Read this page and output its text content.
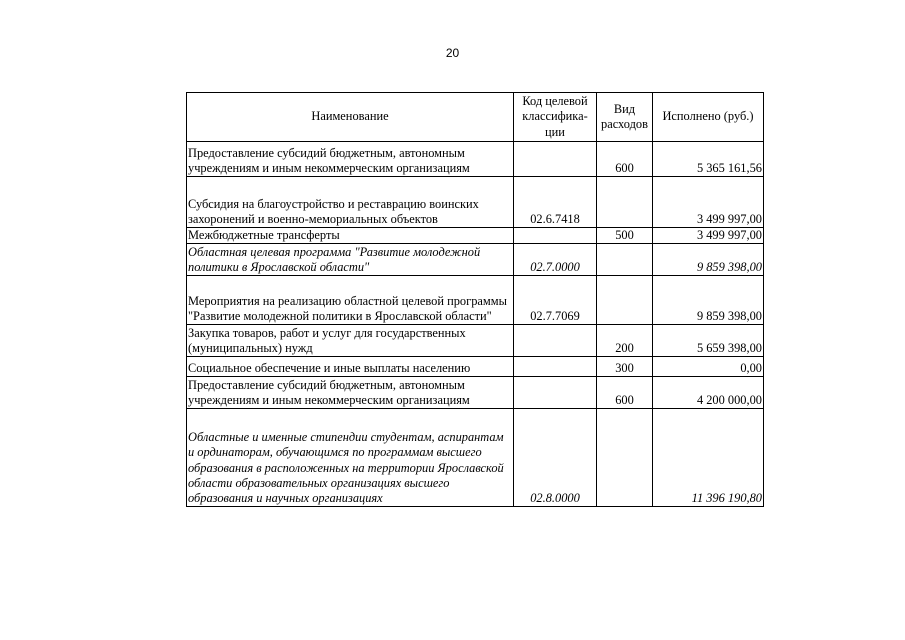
20
Наименование	Код целевой классифика-ции	Вид расходов	Исполнено (руб.)
Предоставление субсидий бюджетным, автономным учреждениям и иным некоммерческим организациям		600	5 365 161,56
Субсидия на благоустройство и реставрацию воинских захоронений и военно-мемориальных объектов	02.6.7418		3 499 997,00
Межбюджетные трансферты		500	3 499 997,00
Областная целевая программа "Развитие молодежной политики в Ярославской области"	02.7.0000		9 859 398,00
Мероприятия на реализацию областной целевой программы "Развитие молодежной политики в Ярославской области"	02.7.7069		9 859 398,00
Закупка товаров, работ и услуг для государственных (муниципальных) нужд		200	5 659 398,00
Социальное обеспечение и иные выплаты населению		300	0,00
Предоставление субсидий бюджетным, автономным учреждениям и иным некоммерческим организациям		600	4 200 000,00
Областные и именные стипендии студентам, аспирантам и ординаторам, обучающимся по программам высшего образования в расположенных на территории Ярославской области образовательных организациях высшего образования и научных организациях	02.8.0000		11 396 190,80
